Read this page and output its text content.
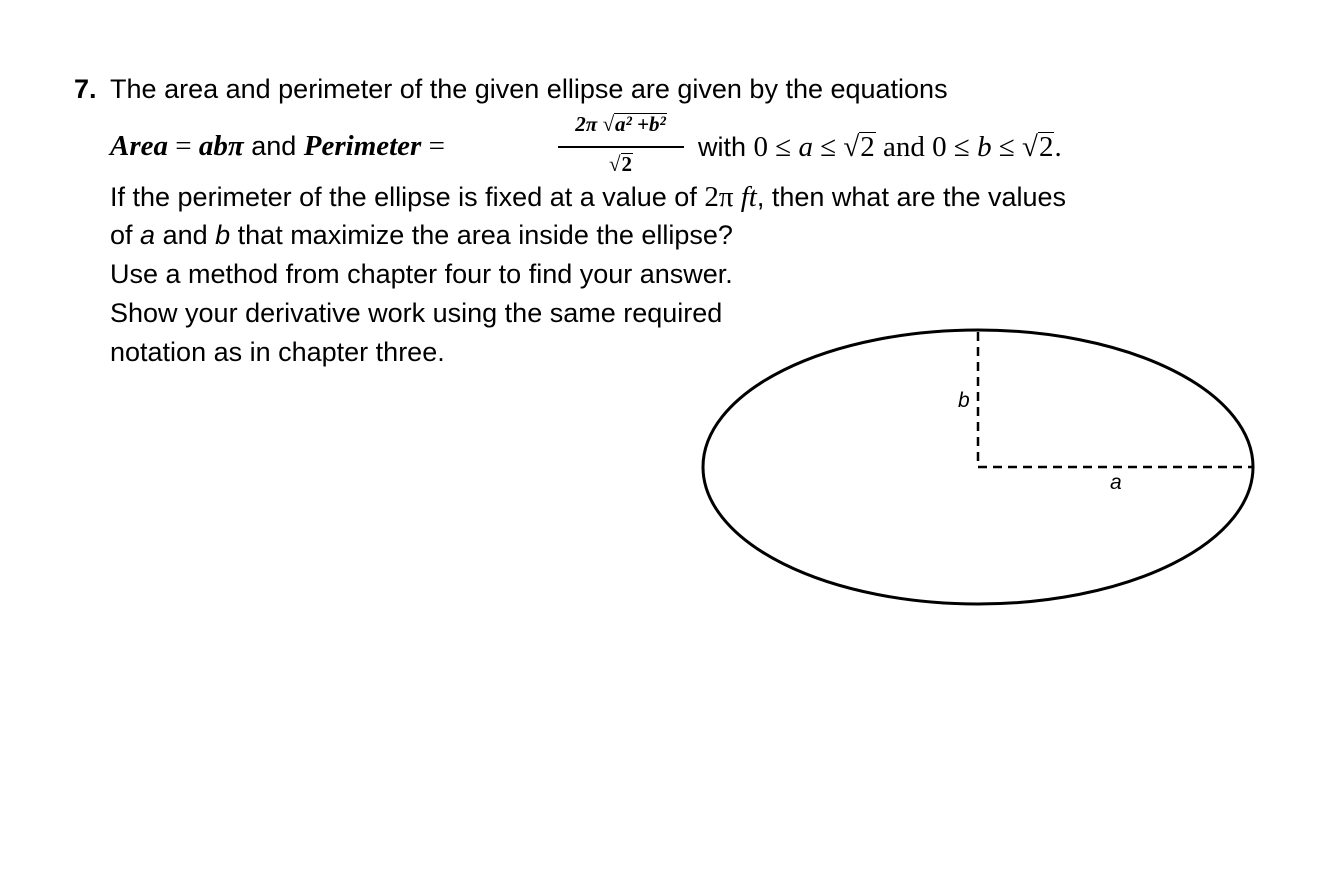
7. The area and perimeter of the given ellipse are given by the equations
Area = abπ and Perimeter =
2π √a² +b²
√2
with 0 ≤ a ≤ √2 and 0 ≤ b ≤ √2.
If the perimeter of the ellipse is fixed at a value of 2π ft, then what are the values
of a and b that maximize the area inside the ellipse?
Use a method from chapter four to find your answer.
Show your derivative work using the same required
notation as in chapter three.
b
a
